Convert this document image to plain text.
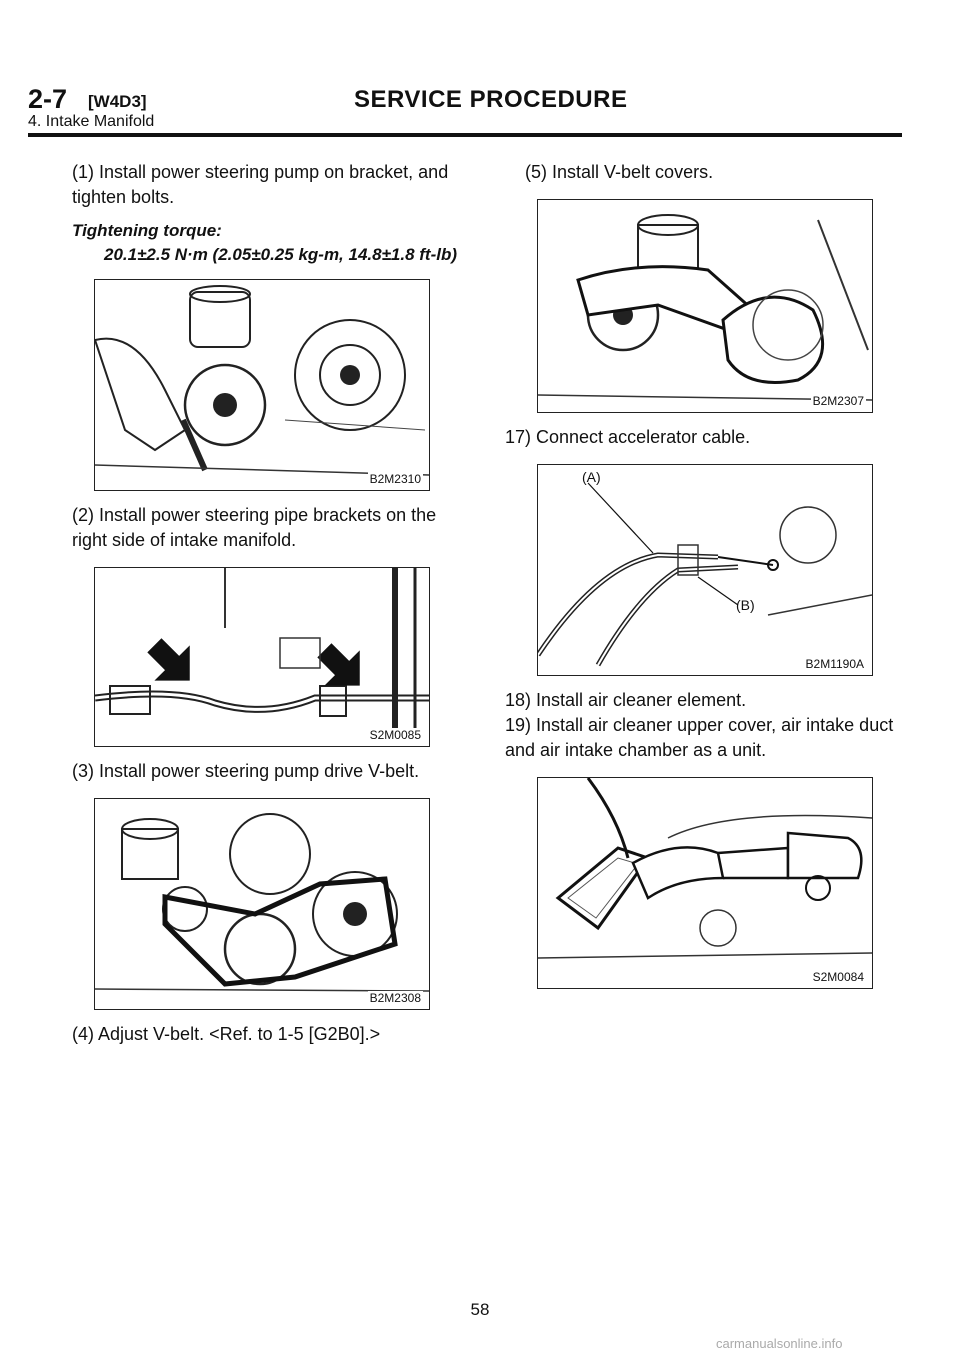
2-7 [W4D3]	SERVICE PROCEDURE
4. Intake Manifold

(1) Install power steering pump on bracket, and tighten bolts.

Tightening torque:

20.1±2.5 N·m (2.05±0.25 kg-m, 14.8±1.8 ft-lb)

B2M2310

(2) Install power steering pipe brackets on the right side of intake manifold.

S2M0085

(3) Install power steering pump drive V-belt.

B2M2308

(4) Adjust V-belt. <Ref. to 1-5 [G2B0].>

(5) Install V-belt covers.

B2M2307

17) Connect accelerator cable.

(A)
(B)
B2M1190A

18) Install air cleaner element.

19) Install air cleaner upper cover, air intake duct and air intake chamber as a unit.

S2M0084
58
carmanualsonline.info
